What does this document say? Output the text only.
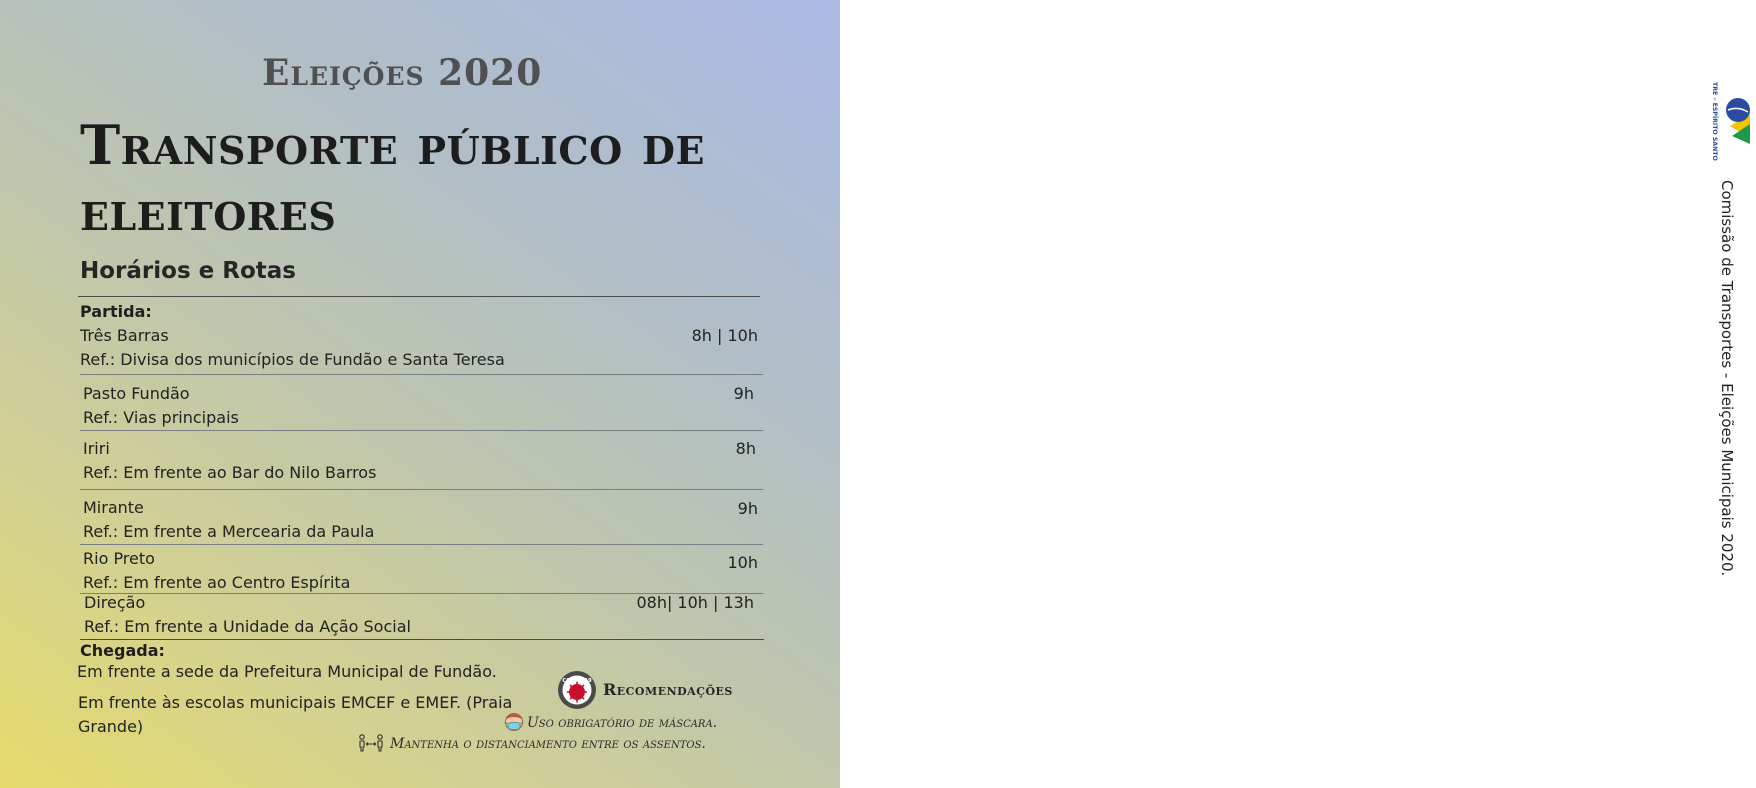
Eleições 2020
Transporte público de eleitores
Horários e Rotas
Partida:
Três Barras	8h | 10h
Ref.: Divisa dos municípios de Fundão e Santa Teresa
Pasto Fundão	9h
Ref.: Vias principais
Iriri	8h
Ref.: Em frente ao Bar do Nilo Barros
Mirante	9h
Ref.: Em frente a Mercearia da Paula
Rio Preto	10h
Ref.: Em frente ao Centro Espírita
Direção	08h| 10h | 13h
Ref.: Em frente a Unidade da Ação Social
Chegada:
Em frente a sede da Prefeitura Municipal de Fundão.
Em frente às escolas municipais EMCEF e EMEF. (Praia
Grande)
COVID-19 Recomendações
Uso obrigatório de máscara.
Mantenha o distanciamento entre os assentos.
TRE – ESPÍRITO SANTO
Comissão de Transportes - Eleições Municipais 2020.
